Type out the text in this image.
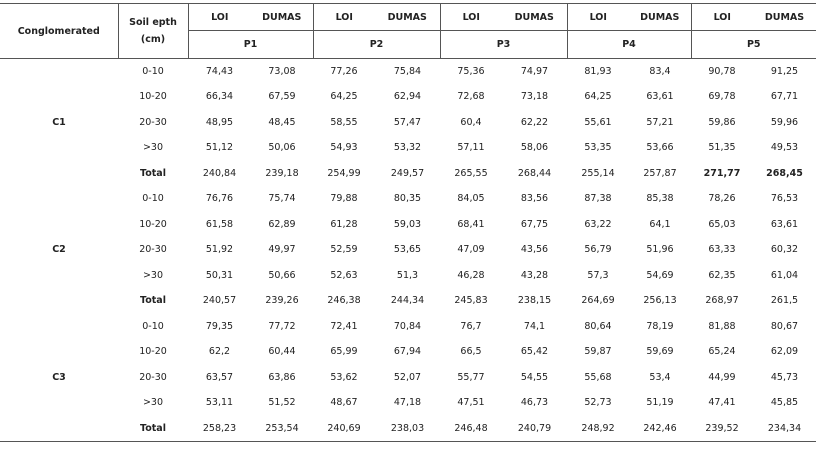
Conglomerated	Soil epth
(cm)	LOI	DUMAS	LOI	DUMAS	LOI	DUMAS	LOI	DUMAS	LOI	DUMAS
		P1		P2		P3		P4		P5	
	0-10	74,43	73,08	77,26	75,84	75,36	74,97	81,93	83,4	90,78	91,25
	10-20	66,34	67,59	64,25	62,94	72,68	73,18	64,25	63,61	69,78	67,71
C1	20-30	48,95	48,45	58,55	57,47	60,4	62,22	55,61	57,21	59,86	59,96
	>30	51,12	50,06	54,93	53,32	57,11	58,06	53,35	53,66	51,35	49,53
	Total	240,84	239,18	254,99	249,57	265,55	268,44	255,14	257,87	271,77	268,45
	0-10	76,76	75,74	79,88	80,35	84,05	83,56	87,38	85,38	78,26	76,53
	10-20	61,58	62,89	61,28	59,03	68,41	67,75	63,22	64,1	65,03	63,61
C2	20-30	51,92	49,97	52,59	53,65	47,09	43,56	56,79	51,96	63,33	60,32
	>30	50,31	50,66	52,63	51,3	46,28	43,28	57,3	54,69	62,35	61,04
	Total	240,57	239,26	246,38	244,34	245,83	238,15	264,69	256,13	268,97	261,5
	0-10	79,35	77,72	72,41	70,84	76,7	74,1	80,64	78,19	81,88	80,67
	10-20	62,2	60,44	65,99	67,94	66,5	65,42	59,87	59,69	65,24	62,09
C3	20-30	63,57	63,86	53,62	52,07	55,77	54,55	55,68	53,4	44,99	45,73
	>30	53,11	51,52	48,67	47,18	47,51	46,73	52,73	51,19	47,41	45,85
	Total	258,23	253,54	240,69	238,03	246,48	240,79	248,92	242,46	239,52	234,34
